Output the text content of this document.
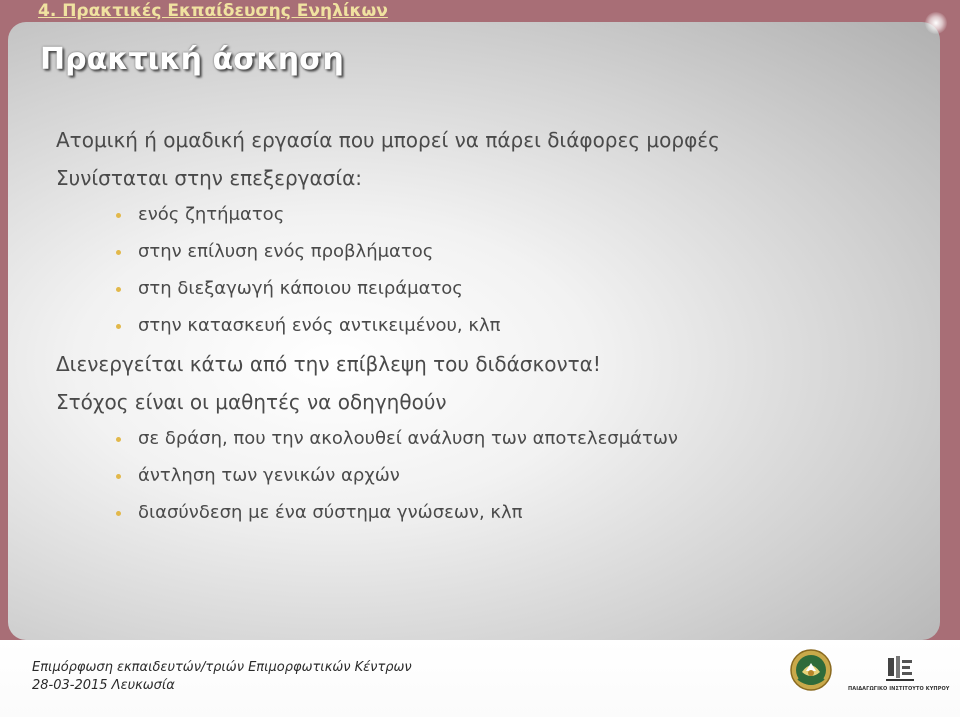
4. Πρακτικές Εκπαίδευσης Ενηλίκων
Πρακτική άσκηση
Ατομική ή ομαδική εργασία που μπορεί να πάρει διάφορες μορφές
Συνίσταται στην επεξεργασία:
ενός ζητήματος
στην επίλυση ενός προβλήματος
στη διεξαγωγή κάποιου πειράματος
στην κατασκευή ενός αντικειμένου, κλπ
Διενεργείται κάτω από την επίβλεψη του διδάσκοντα!
Στόχος είναι οι μαθητές να οδηγηθούν
σε δράση, που την ακολουθεί ανάλυση των αποτελεσμάτων
άντληση των γενικών αρχών
διασύνδεση με ένα σύστημα γνώσεων, κλπ
Επιμόρφωση εκπαιδευτών/τριών Επιμορφωτικών Κέντρων
28-03-2015 Λευκωσία	ΠΑΙΔΑΓΩΓΙΚΟ ΙΝΣΤΙΤΟΥΤΟ ΚΥΠΡΟΥ
